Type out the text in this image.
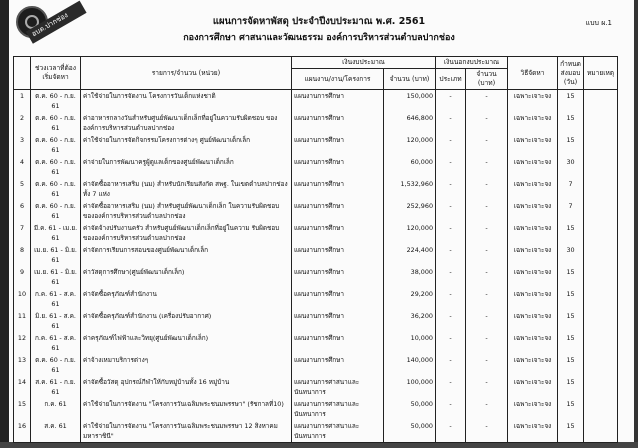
อบต.ปากช่อง	แผนการจัดหาพัสดุ ประจำปีงบประมาณ พ.ศ. 2561
กองการศึกษา ศาสนาและวัฒนธรรม องค์การบริหารส่วนตำบลปากช่อง
แบบ ผ.1
	ช่วงเวลาที่ต้องเริ่มจัดหา	รายการ/จำนวน (หน่วย)	เงินงบประมาณ		เงินนอกงบประมาณ		วิธีจัดหา	กำหนดส่งมอบ (วัน)	หมายเหตุ
			แผนงาน/งาน/โครงการ	จำนวน (บาท)	ประเภท	จำนวน (บาท)			
1	ต.ค. 60 - ก.ย. 61	ค่าใช้จ่ายในการจัดงาน โครงการวันเด็กแห่งชาติ	แผนงานการศึกษา	150,000	-	-	เฉพาะเจาะจง	15	
2	ต.ค. 60 - ก.ย. 61	ค่าอาหารกลางวันสำหรับศูนย์พัฒนาเด็กเล็กที่อยู่ในความรับผิดชอบ ขององค์การบริหารส่วนตำบลปากช่อง	แผนงานการศึกษา	646,800	-	-	เฉพาะเจาะจง	15	
3	ต.ค. 60 - ก.ย. 61	ค่าใช้จ่ายในการจัดกิจกรรมโครงการต่างๆ ศูนย์พัฒนาเด็กเล็ก	แผนงานการศึกษา	120,000	-	-	เฉพาะเจาะจง	15	
4	ต.ค. 60 - ก.ย. 61	ค่าจ่ายในการพัฒนาครูผู้ดูแลเด็กของศูนย์พัฒนาเด็กเล็ก	แผนงานการศึกษา	60,000	-	-	เฉพาะเจาะจง	30	
5	ต.ค. 60 - ก.ย. 61	ค่าจัดซื้ออาหารเสริม (นม) สำหรับนักเรียนสังกัด สพฐ. ในเขตตำบลปากช่อง ทั้ง 7 แห่ง	แผนงานการศึกษา	1,532,960	-	-	เฉพาะเจาะจง	7	
6	ต.ค. 60 - ก.ย. 61	ค่าจัดซื้ออาหารเสริม (นม) สำหรับศูนย์พัฒนาเด็กเล็ก ในความรับผิดชอบขององค์การบริหารส่วนตำบลปากช่อง	แผนงานการศึกษา	252,960	-	-	เฉพาะเจาะจง	7	
7	มี.ค. 61 - เม.ย. 61	ค่าจัดจ้างปรับงานครัว สำหรับศูนย์พัฒนาเด็กเล็กที่อยู่ในความ รับผิดชอบขององค์การบริหารส่วนตำบลปากช่อง	แผนงานการศึกษา	120,000	-	-	เฉพาะเจาะจง	15	
8	เม.ย. 61 - มิ.ย. 61	ค่าจัดการเรียนการสอนของศูนย์พัฒนาเด็กเล็ก	แผนงานการศึกษา	224,400	-	-	เฉพาะเจาะจง	30	
9	เม.ย. 61 - มิ.ย. 61	ค่าวัสดุการศึกษา(ศูนย์พัฒนาเด็กเล็ก)	แผนงานการศึกษา	38,000	-	-	เฉพาะเจาะจง	15	
10	ก.ค. 61 - ส.ค. 61	ค่าจัดซื้อครุภัณฑ์สำนักงาน	แผนงานการศึกษา	29,200	-	-	เฉพาะเจาะจง	15	
11	มิ.ย. 61 - ส.ค. 61	ค่าจัดซื้อครุภัณฑ์สำนักงาน (เครื่องปรับอากาศ)	แผนงานการศึกษา	36,200	-	-	เฉพาะเจาะจง	15	
12	ก.ค. 61 - ส.ค. 61	ค่าครุภัณฑ์ไฟฟ้าและวิทยุ(ศูนย์พัฒนาเด็กเล็ก)	แผนงานการศึกษา	10,000	-	-	เฉพาะเจาะจง	15	
13	ต.ค. 60 - ก.ย. 61	ค่าจ้างเหมาบริการต่างๆ	แผนงานการศึกษา	140,000	-	-	เฉพาะเจาะจง	15	
14	ส.ค. 61 - ก.ย. 61	ค่าจัดซื้อวัสดุ อุปกรณ์กีฬาให้กับหมู่บ้านทั้ง 16 หมู่บ้าน	แผนงานการศาสนาและนันทนาการ	100,000	-	-	เฉพาะเจาะจง	15	
15	ก.ค. 61	ค่าใช้จ่ายในการจัดงาน "โครงการวันเฉลิมพระชนมพรรษา" (รัชกาลที่10)	แผนงานการศาสนาและนันทนาการ	50,000	-	-	เฉพาะเจาะจง	15	
16	ส.ค. 61	ค่าใช้จ่ายในการจัดงาน "โครงการวันเฉลิมพระชนมพรรษา 12 สิงหาคมมหาราชินี"	แผนงานการศาสนาและนันทนาการ	50,000	-	-	เฉพาะเจาะจง	15	
